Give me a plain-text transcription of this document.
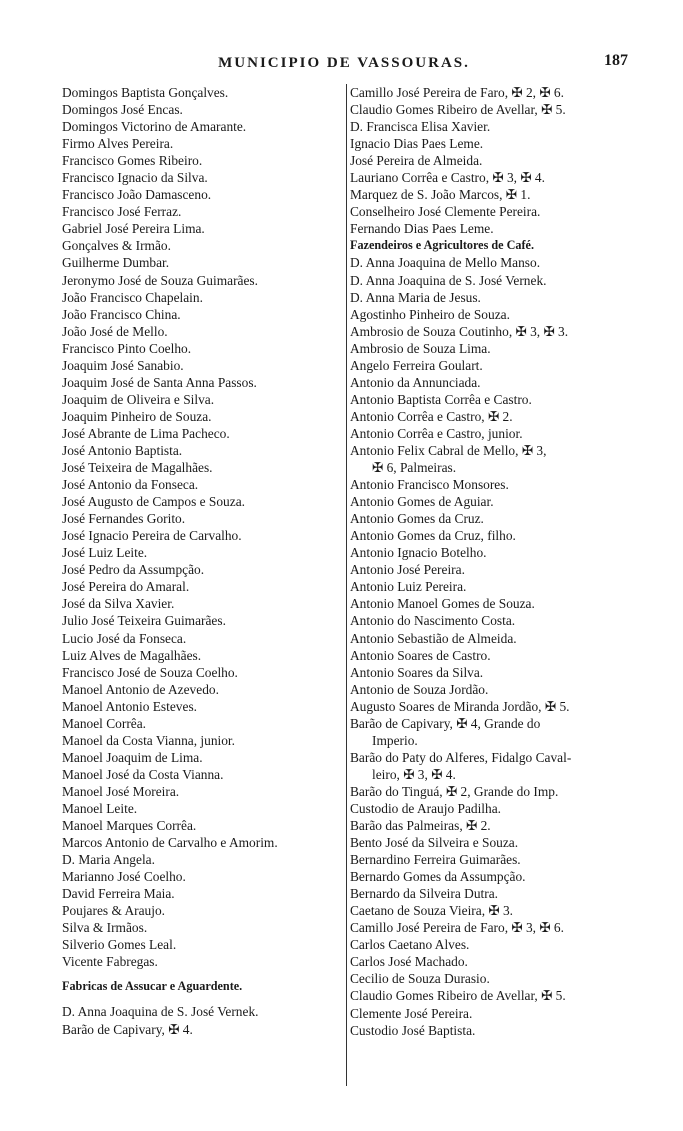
MUNICIPIO DE VASSOURAS.	187
Domingos Baptista Gonçalves.
Domingos José Encas.
Domingos Victorino de Amarante.
Firmo Alves Pereira.
Francisco Gomes Ribeiro.
Francisco Ignacio da Silva.
Francisco João Damasceno.
Francisco José Ferraz.
Gabriel José Pereira Lima.
Gonçalves & Irmão.
Guilherme Dumbar.
Jeronymo José de Souza Guimarães.
João Francisco Chapelain.
João Francisco China.
João José de Mello.
Francisco Pinto Coelho.
Joaquim José Sanabio.
Joaquim José de Santa Anna Passos.
Joaquim de Oliveira e Silva.
Joaquim Pinheiro de Souza.
José Abrante de Lima Pacheco.
José Antonio Baptista.
José Teixeira de Magalhães.
José Antonio da Fonseca.
José Augusto de Campos e Souza.
José Fernandes Gorito.
José Ignacio Pereira de Carvalho.
José Luiz Leite.
José Pedro da Assumpção.
José Pereira do Amaral.
José da Silva Xavier.
Julio José Teixeira Guimarães.
Lucio José da Fonseca.
Luiz Alves de Magalhães.
Francisco José de Souza Coelho.
Manoel Antonio de Azevedo.
Manoel Antonio Esteves.
Manoel Corrêa.
Manoel da Costa Vianna, junior.
Manoel Joaquim de Lima.
Manoel José da Costa Vianna.
Manoel José Moreira.
Manoel Leite.
Manoel Marques Corrêa.
Marcos Antonio de Carvalho e Amorim.
D. Maria Angela.
Marianno José Coelho.
David Ferreira Maia.
Poujares & Araujo.
Silva & Irmãos.
Silverio Gomes Leal.
Vicente Fabregas.
Fabricas de Assucar e Aguardente.
D. Anna Joaquina de S. José Vernek.
Barão de Capivary, ✠ 4.
Camillo José Pereira de Faro, ✠ 2, ✠ 6.
Claudio Gomes Ribeiro de Avellar, ✠ 5.
D. Francisca Elisa Xavier.
Ignacio Dias Paes Leme.
José Pereira de Almeida.
Lauriano Corrêa e Castro, ✠ 3, ✠ 4.
Marquez de S. João Marcos, ✠ 1.
Conselheiro José Clemente Pereira.
Fernando Dias Paes Leme.
Fazendeiros e Agricultores de Café.
D. Anna Joaquina de Mello Manso.
D. Anna Joaquina de S. José Vernek.
D. Anna Maria de Jesus.
Agostinho Pinheiro de Souza.
Ambrosio de Souza Coutinho, ✠ 3, ✠ 3.
Ambrosio de Souza Lima.
Angelo Ferreira Goulart.
Antonio da Annunciada.
Antonio Baptista Corrêa e Castro.
Antonio Corrêa e Castro, ✠ 2.
Antonio Corrêa e Castro, junior.
Antonio Felix Cabral de Mello, ✠ 3,
✠ 6, Palmeiras.
Antonio Francisco Monsores.
Antonio Gomes de Aguiar.
Antonio Gomes da Cruz.
Antonio Gomes da Cruz, filho.
Antonio Ignacio Botelho.
Antonio José Pereira.
Antonio Luiz Pereira.
Antonio Manoel Gomes de Souza.
Antonio do Nascimento Costa.
Antonio Sebastião de Almeida.
Antonio Soares de Castro.
Antonio Soares da Silva.
Antonio de Souza Jordão.
Augusto Soares de Miranda Jordão, ✠ 5.
Barão de Capivary, ✠ 4, Grande do
Imperio.
Barão do Paty do Alferes, Fidalgo Caval-
leiro, ✠ 3, ✠ 4.
Barão do Tinguá, ✠ 2, Grande do Imp.
Custodio de Araujo Padilha.
Barão das Palmeiras, ✠ 2.
Bento José da Silveira e Souza.
Bernardino Ferreira Guimarães.
Bernardo Gomes da Assumpção.
Bernardo da Silveira Dutra.
Caetano de Souza Vieira, ✠ 3.
Camillo José Pereira de Faro, ✠ 3, ✠ 6.
Carlos Caetano Alves.
Carlos José Machado.
Cecilio de Souza Durasio.
Claudio Gomes Ribeiro de Avellar, ✠ 5.
Clemente José Pereira.
Custodio José Baptista.
